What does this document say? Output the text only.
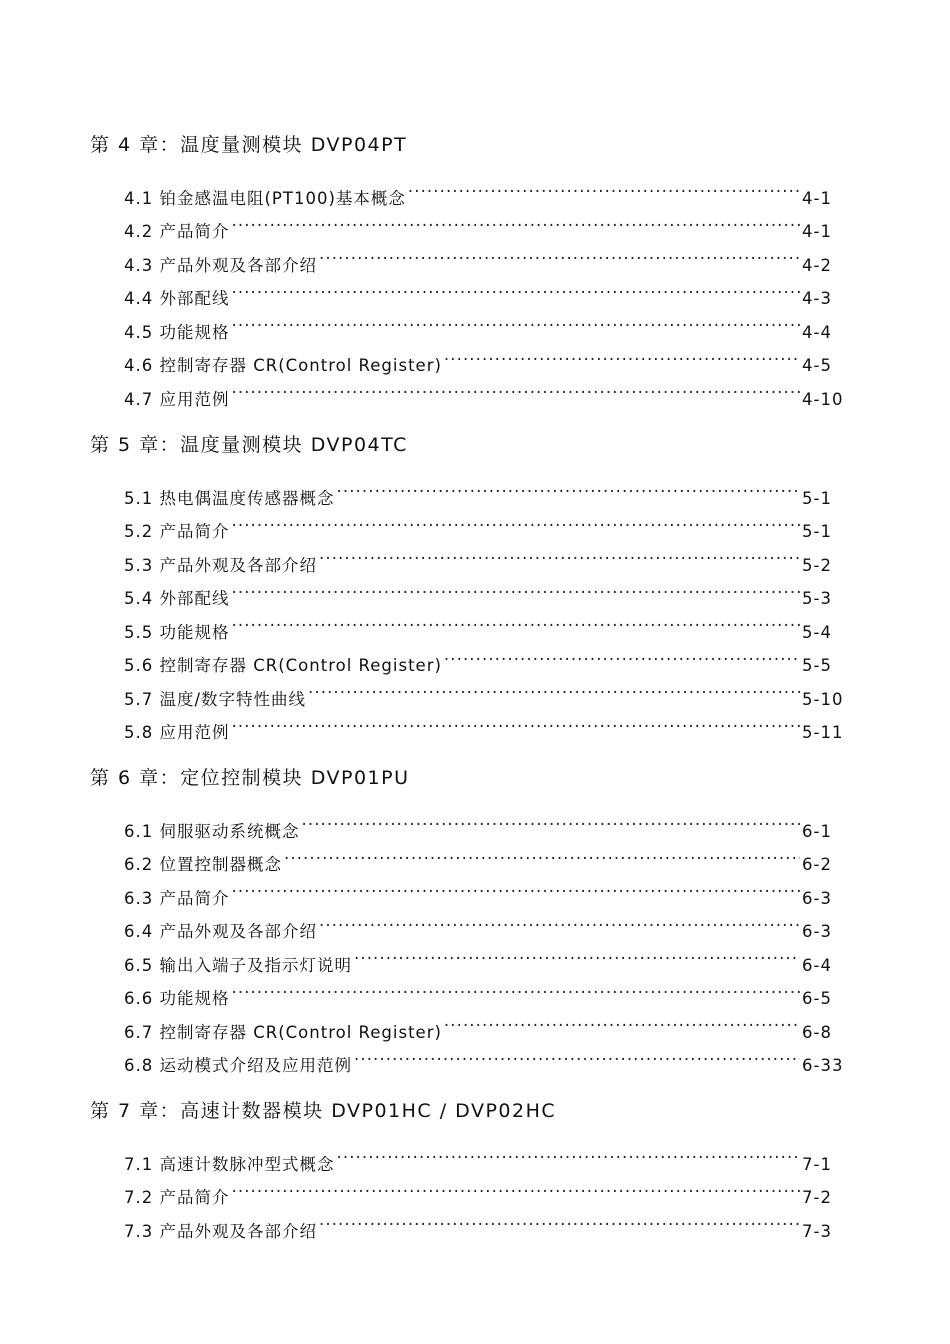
第 4 章：温度量测模块 DVP04PT
4.1 铂金感温电阻(PT100)基本概念 .....	4-1
4.2 产品简介 .....	4-1
4.3 产品外观及各部介绍 .....	4-2
4.4 外部配线 .....	4-3
4.5 功能规格 .....	4-4
4.6 控制寄存器 CR(Control Register) .....	4-5
4.7 应用范例 .....	4-10
第 5 章：温度量测模块 DVP04TC
5.1 热电偶温度传感器概念 .....	5-1
5.2 产品简介 .....	5-1
5.3 产品外观及各部介绍 .....	5-2
5.4 外部配线 .....	5-3
5.5 功能规格 .....	5-4
5.6 控制寄存器 CR(Control Register) .....	5-5
5.7 温度/数字特性曲线 .....	5-10
5.8 应用范例 .....	5-11
第 6 章：定位控制模块 DVP01PU
6.1 伺服驱动系统概念 .....	6-1
6.2 位置控制器概念 .....	6-2
6.3 产品简介 .....	6-3
6.4 产品外观及各部介绍 .....	6-3
6.5 输出入端子及指示灯说明 .....	6-4
6.6 功能规格 .....	6-5
6.7 控制寄存器 CR(Control Register) .....	6-8
6.8 运动模式介绍及应用范例 .....	6-33
第 7 章：高速计数器模块 DVP01HC / DVP02HC
7.1 高速计数脉冲型式概念 .....	7-1
7.2 产品简介 .....	7-2
7.3 产品外观及各部介绍 .....	7-3
